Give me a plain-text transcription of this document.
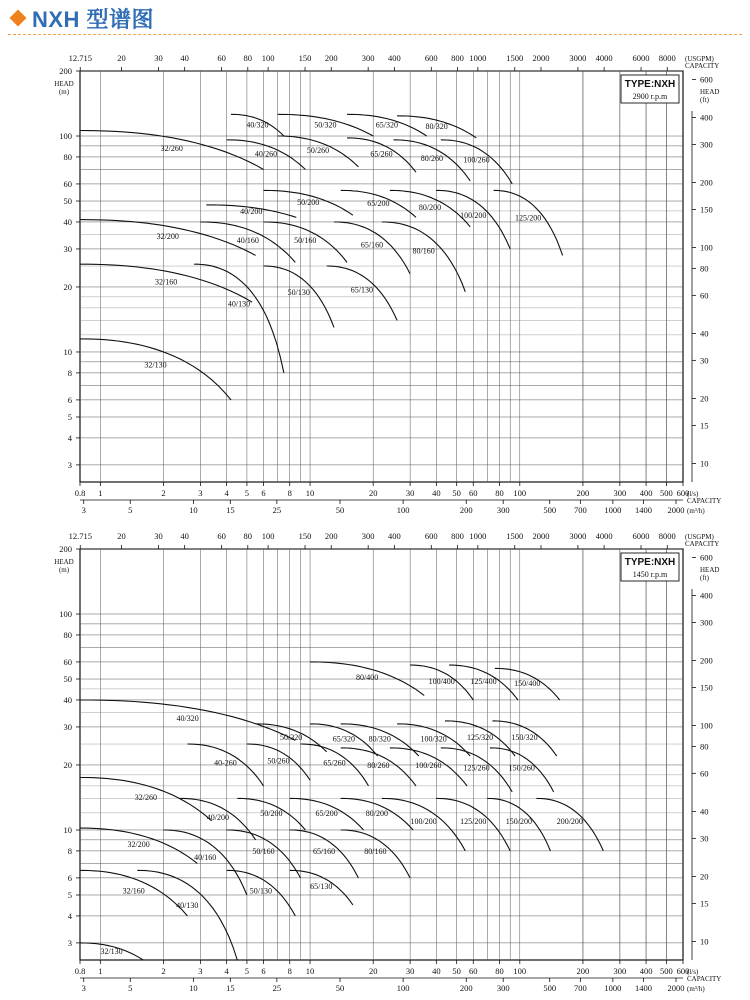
NXH 型谱图
12.715	20	30 40	60 80 100	150 200	300 400	600 800 1000 1500 2000 3000 4000 6000 8000 (USGPM)
CAPACITY
200
100
80
60
50
40
30
20
10
8
6
5
4
3
HEAD
(m)
600
400
300
200
150
100
80
60
40
30
20
15
10
HEAD
(ft)
0.8 1	2	3	4 5 6	8 10	20	30 40 50 60 80 100	200	300 400 500 600
(l/s)
CAPACITY
3	5	10	15	25	50	100	200	300	500 700 1000 1400 2000 (m³/h)
TYPE:NXH
2900 r.p.m
32/130
32/160
32/200
32/260
40/130
40/160
40/200
40/260
40/320
50/130
50/160
50/200
50/260
50/320
65/130
65/160
65/200
65/260
65/320
80/160
80/200
80/260
80/320
100/200
100/260
125/200
12.715	20	30 40	60 80 100	150 200	300 400	600 800 1000 1500 2000 3000 4000 6000 8000 (USGPM)
CAPACITY
200
100
80
60
50
40
30
20
10
8
6
5
4
3
HEAD
(m)
600
400
300
200
150
100
80
60
40
30
20
15
10
HEAD
(ft)
0.8 1	2	3	4 5 6	8 10	20	30 40 50 60 80 100	200	300 400 500 600
(l/s)
CAPACITY
3	5	10	15	25	50	100	200	300	500 700 1000 1400 2000 (m³/h)
TYPE:NXH
1450 r.p.m
32/130
32/160
32/200
32/260
40/130
40/160
40/200
40-260
40/320
50/130
50/160
50/200
50/260
50/320
65/130
65/160
65/200
65/260
65/320
80/160
80/200
80/260
80/320
80/400
100/200
100/260
100/320
100/400
125/200
125/260
125/320
125/400
150/200
150/260
150/320
150/400
200/200
